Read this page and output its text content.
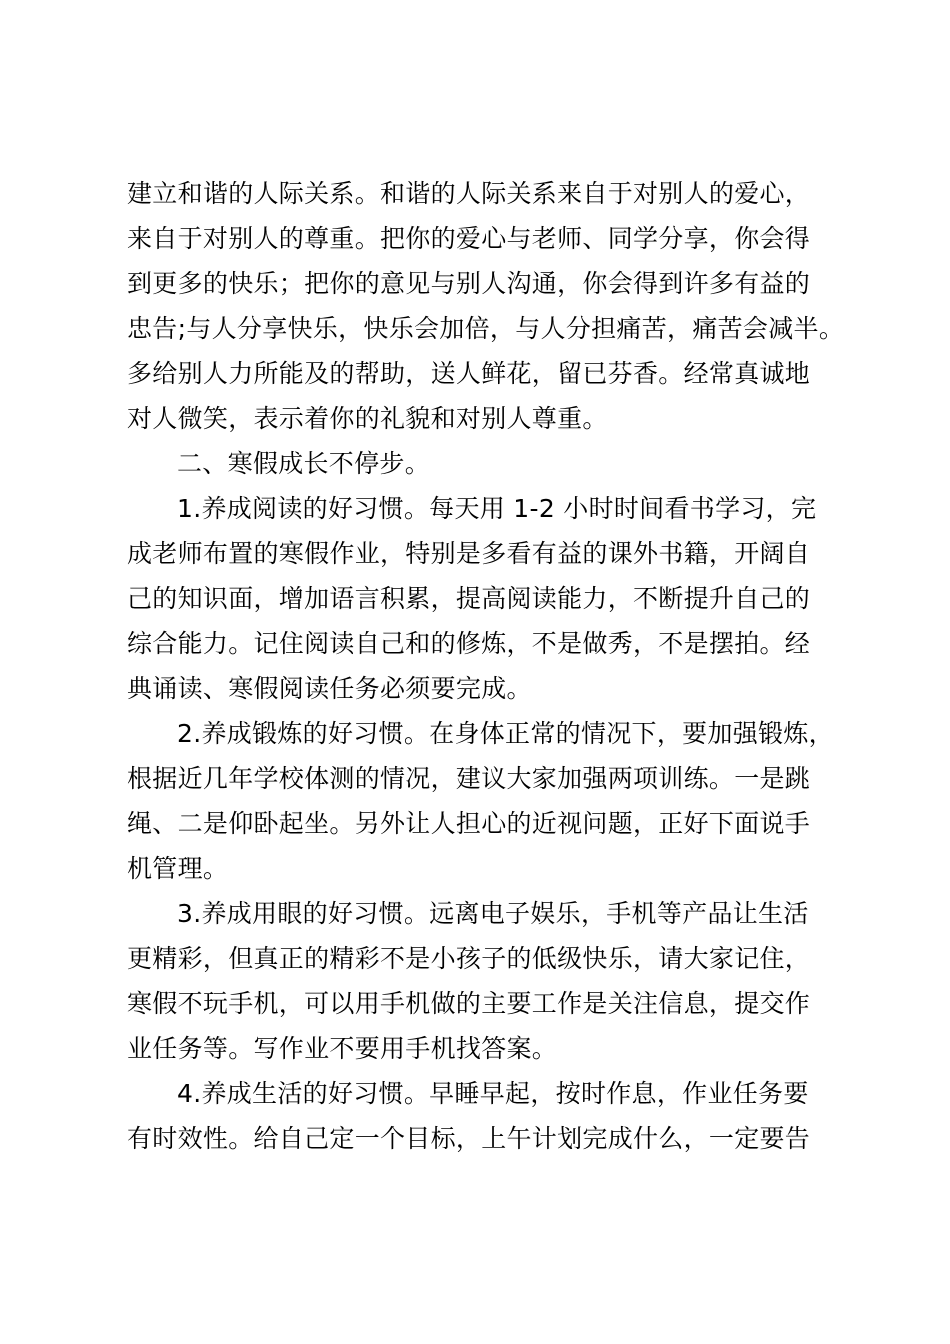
建立和谐的人际关系。和谐的人际关系来自于对别人的爱心，
来自于对别人的尊重。把你的爱心与老师、同学分享，你会得
到更多的快乐；把你的意见与别人沟通，你会得到许多有益的
忠告;与人分享快乐，快乐会加倍，与人分担痛苦，痛苦会减半。
多给别人力所能及的帮助，送人鲜花，留已芬香。经常真诚地
对人微笑，表示着你的礼貌和对别人尊重。
二、寒假成长不停步。
1.养成阅读的好习惯。每天用 1-2 小时时间看书学习，完
成老师布置的寒假作业，特别是多看有益的课外书籍，开阔自
己的知识面，增加语言积累，提高阅读能力，不断提升自己的
综合能力。记住阅读自己和的修炼，不是做秀，不是摆拍。经
典诵读、寒假阅读任务必须要完成。
2.养成锻炼的好习惯。在身体正常的情况下，要加强锻炼，
根据近几年学校体测的情况，建议大家加强两项训练。一是跳
绳、二是仰卧起坐。另外让人担心的近视问题，正好下面说手
机管理。
3.养成用眼的好习惯。远离电子娱乐，手机等产品让生活
更精彩，但真正的精彩不是小孩子的低级快乐，请大家记住，
寒假不玩手机，可以用手机做的主要工作是关注信息，提交作
业任务等。写作业不要用手机找答案。
4.养成生活的好习惯。早睡早起，按时作息，作业任务要
有时效性。给自己定一个目标，上午计划完成什么，一定要告
